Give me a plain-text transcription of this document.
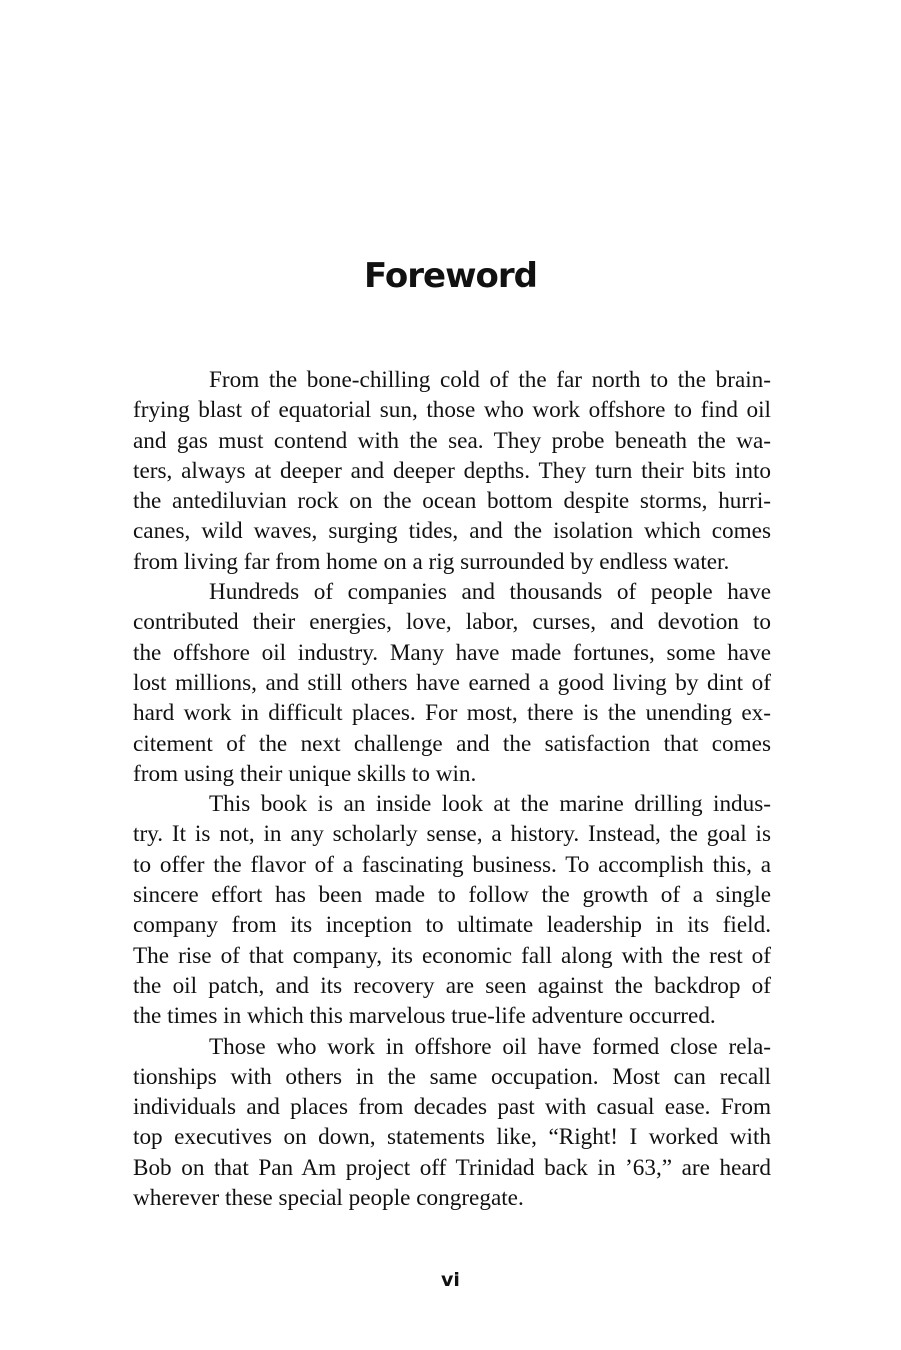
Foreword
From the bone-chilling cold of the far north to the brain-
frying blast of equatorial sun, those who work offshore to find oil
and gas must contend with the sea. They probe beneath the wa-
ters, always at deeper and deeper depths. They turn their bits into
the antediluvian rock on the ocean bottom despite storms, hurri-
canes, wild waves, surging tides, and the isolation which comes
from living far from home on a rig surrounded by endless water.
Hundreds of companies and thousands of people have
contributed their energies, love, labor, curses, and devotion to
the offshore oil industry. Many have made fortunes, some have
lost millions, and still others have earned a good living by dint of
hard work in difficult places. For most, there is the unending ex-
citement of the next challenge and the satisfaction that comes
from using their unique skills to win.
This book is an inside look at the marine drilling indus-
try. It is not, in any scholarly sense, a history. Instead, the goal is
to offer the flavor of a fascinating business. To accomplish this, a
sincere effort has been made to follow the growth of a single
company from its inception to ultimate leadership in its field.
The rise of that company, its economic fall along with the rest of
the oil patch, and its recovery are seen against the backdrop of
the times in which this marvelous true-life adventure occurred.
Those who work in offshore oil have formed close rela-
tionships with others in the same occupation. Most can recall
individuals and places from decades past with casual ease. From
top executives on down, statements like, “Right! I worked with
Bob on that Pan Am project off Trinidad back in ’63,” are heard
wherever these special people congregate.
vi
